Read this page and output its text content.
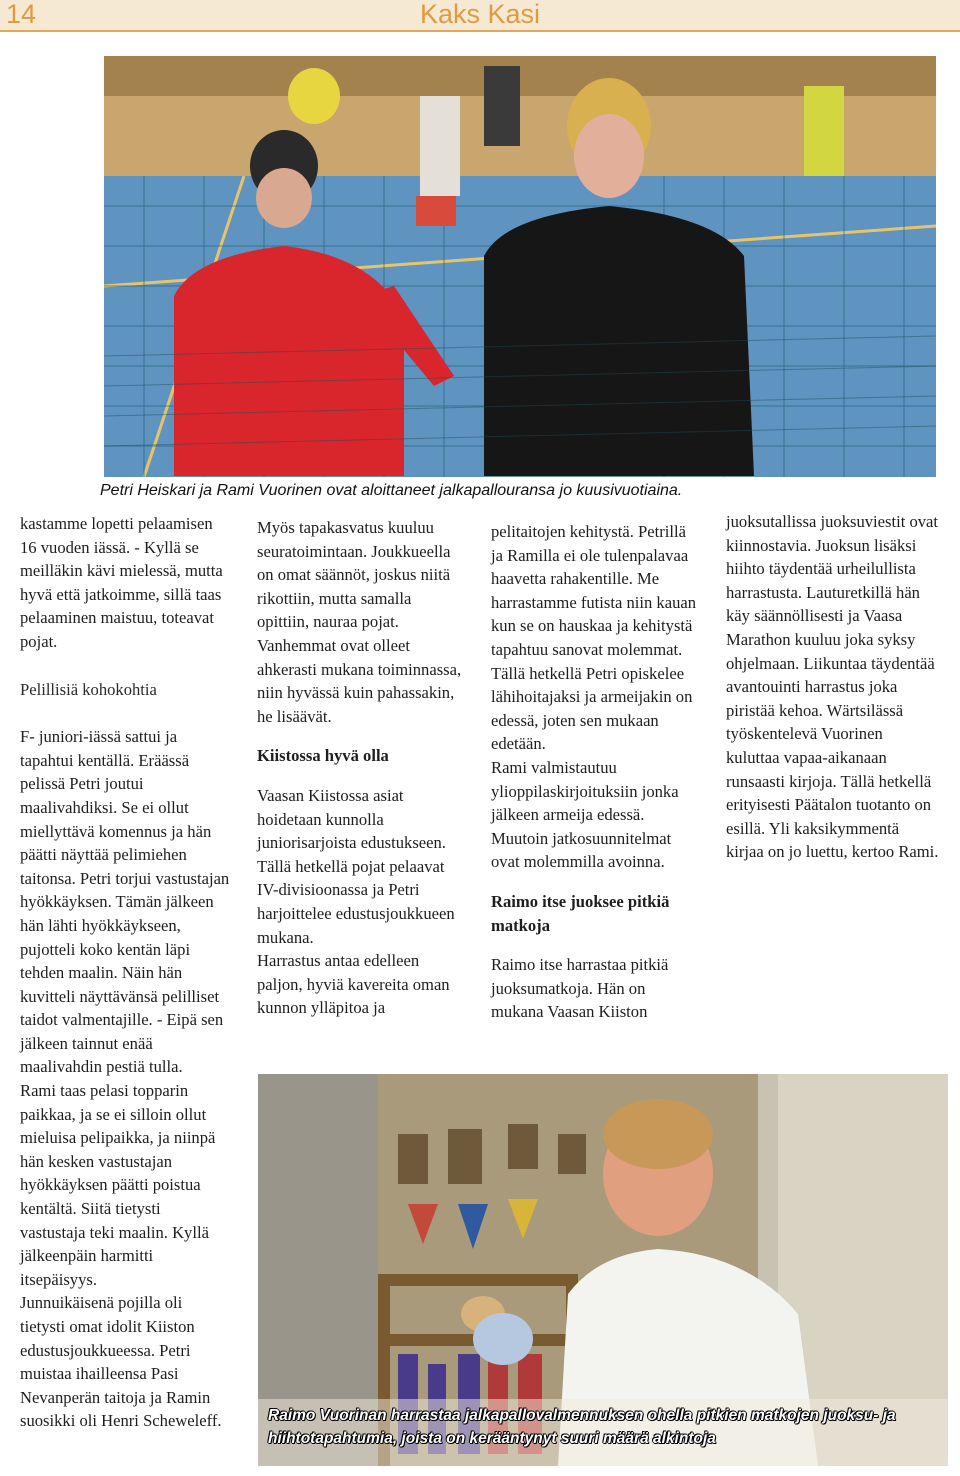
14	Kaks Kasi
Petri Heiskari ja Rami Vuorinen ovat aloittaneet jalkapallouransa jo kuusivuotiaina.

kastamme lopetti pelaamisen 16 vuoden iässä. - Kyllä se meilläkin kävi mielessä, mutta hyvä että jatkoimme, sillä taas pelaaminen maistuu, toteavat pojat.

Pelillisiä kohokohtia

F- juniori-iässä sattui ja tapahtui kentällä. Eräässä pelissä Petri joutui maalivahdiksi. Se ei ollut miellyttävä komennus ja hän päätti näyttää pelimiehen taitonsa. Petri torjui vastustajan hyökkäyksen. Tämän jälkeen hän lähti hyökkäykseen, pujotteli koko kentän läpi tehden maalin. Näin hän kuvitteli näyttävänsä pelilliset taidot valmentajille. - Eipä sen jälkeen tainnut enää maalivahdin pestiä tulla.

Rami taas pelasi topparin paikkaa, ja se ei silloin ollut mieluisa pelipaikka, ja niinpä hän kesken vastustajan hyökkäyksen päätti poistua kentältä. Siitä tietysti vastustaja teki maalin. Kyllä jälkeenpäin harmitti itsepäisyys.

Junnuikäisenä pojilla oli tietysti omat idolit Kiiston edustusjoukkueessa. Petri muistaa ihailleensa Pasi Nevanperän taitoja ja Ramin suosikki oli Henri Scheweleff.

Myös tapakasvatus kuuluu seuratoimintaan. Joukkueella on omat säännöt, joskus niitä rikottiin, mutta samalla opittiin, nauraa pojat. Vanhemmat ovat olleet ahkerasti mukana toiminnassa, niin hyvässä kuin pahassakin, he lisäävät.

Kiistossa hyvä olla

Vaasan Kiistossa asiat hoidetaan kunnolla juniorisarjoista edustukseen. Tällä hetkellä pojat pelaavat IV-divisioonassa ja Petri harjoittelee edustusjoukkueen mukana.

Harrastus antaa edelleen paljon, hyviä kavereita oman kunnon ylläpitoa ja

pelitaitojen kehitystä. Petrillä ja Ramilla ei ole tulenpalavaa haavetta rahakentille. Me harrastamme futista niin kauan kun se on hauskaa ja kehitystä tapahtuu sanovat molemmat.

Tällä hetkellä Petri opiskelee lähihoitajaksi ja armeijakin on edessä, joten sen mukaan edetään.

Rami valmistautuu ylioppilaskirjoituksiin jonka jälkeen armeija edessä.

Muutoin jatkosuunnitelmat ovat molemmilla avoinna.

Raimo itse juoksee pitkiä matkoja

Raimo itse harrastaa pitkiä juoksumatkoja. Hän on mukana Vaasan Kiiston

juoksutallissa juoksuviestit ovat kiinnostavia. Juoksun lisäksi hiihto täydentää urheilullista harrastusta. Lauturetkillä hän käy säännöllisesti ja Vaasa Marathon kuuluu joka syksy ohjelmaan. Liikuntaa täydentää avantouinti harrastus joka piristää kehoa. Wärtsilässä työskentelevä Vuorinen kuluttaa vapaa-aikanaan runsaasti kirjoja. Tällä hetkellä erityisesti Päätalon tuotanto on esillä. Yli kaksikymmentä kirjaa on jo luettu, kertoo Rami.

Raimo Vuorinan harrastaa jalkapallovalmennuksen ohella pitkien matkojen juoksu- ja hiihtotapahtumia, joista on kerääntynyt suuri määrä alkintoja
